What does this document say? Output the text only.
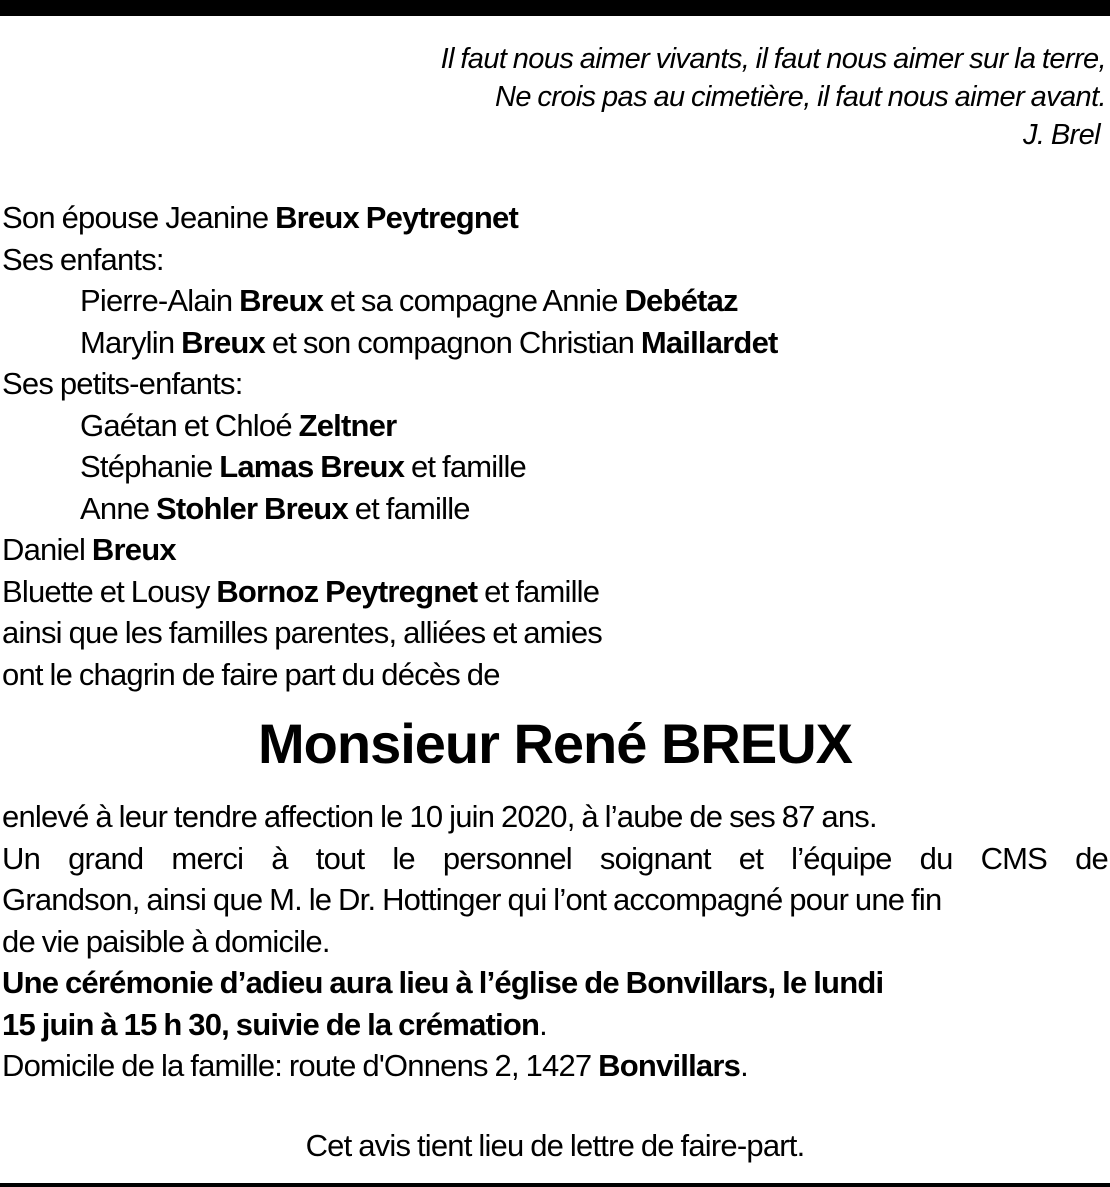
Il faut nous aimer vivants, il faut nous aimer sur la terre,
Ne crois pas au cimetière, il faut nous aimer avant.
J. Brel
Son épouse Jeanine Breux Peytregnet
Ses enfants:
Pierre-Alain Breux et sa compagne Annie Debétaz
Marylin Breux et son compagnon Christian Maillardet
Ses petits-enfants:
Gaétan et Chloé Zeltner
Stéphanie Lamas Breux et famille
Anne Stohler Breux et famille
Daniel Breux
Bluette et Lousy Bornoz Peytregnet et famille
ainsi que les familles parentes, alliées et amies
ont le chagrin de faire part du décès de
Monsieur René BREUX
enlevé à leur tendre affection le 10 juin 2020, à l’aube de ses 87 ans.
Un grand merci à tout le personnel soignant et l’équipe du CMS de
Grandson, ainsi que M. le Dr. Hottinger qui l’ont accompagné pour une fin
de vie paisible à domicile.
Une cérémonie d’adieu aura lieu à l’église de Bonvillars, le lundi
15 juin à 15 h 30, suivie de la crémation.
Domicile de la famille: route d'Onnens 2, 1427 Bonvillars.
Cet avis tient lieu de lettre de faire-part.
